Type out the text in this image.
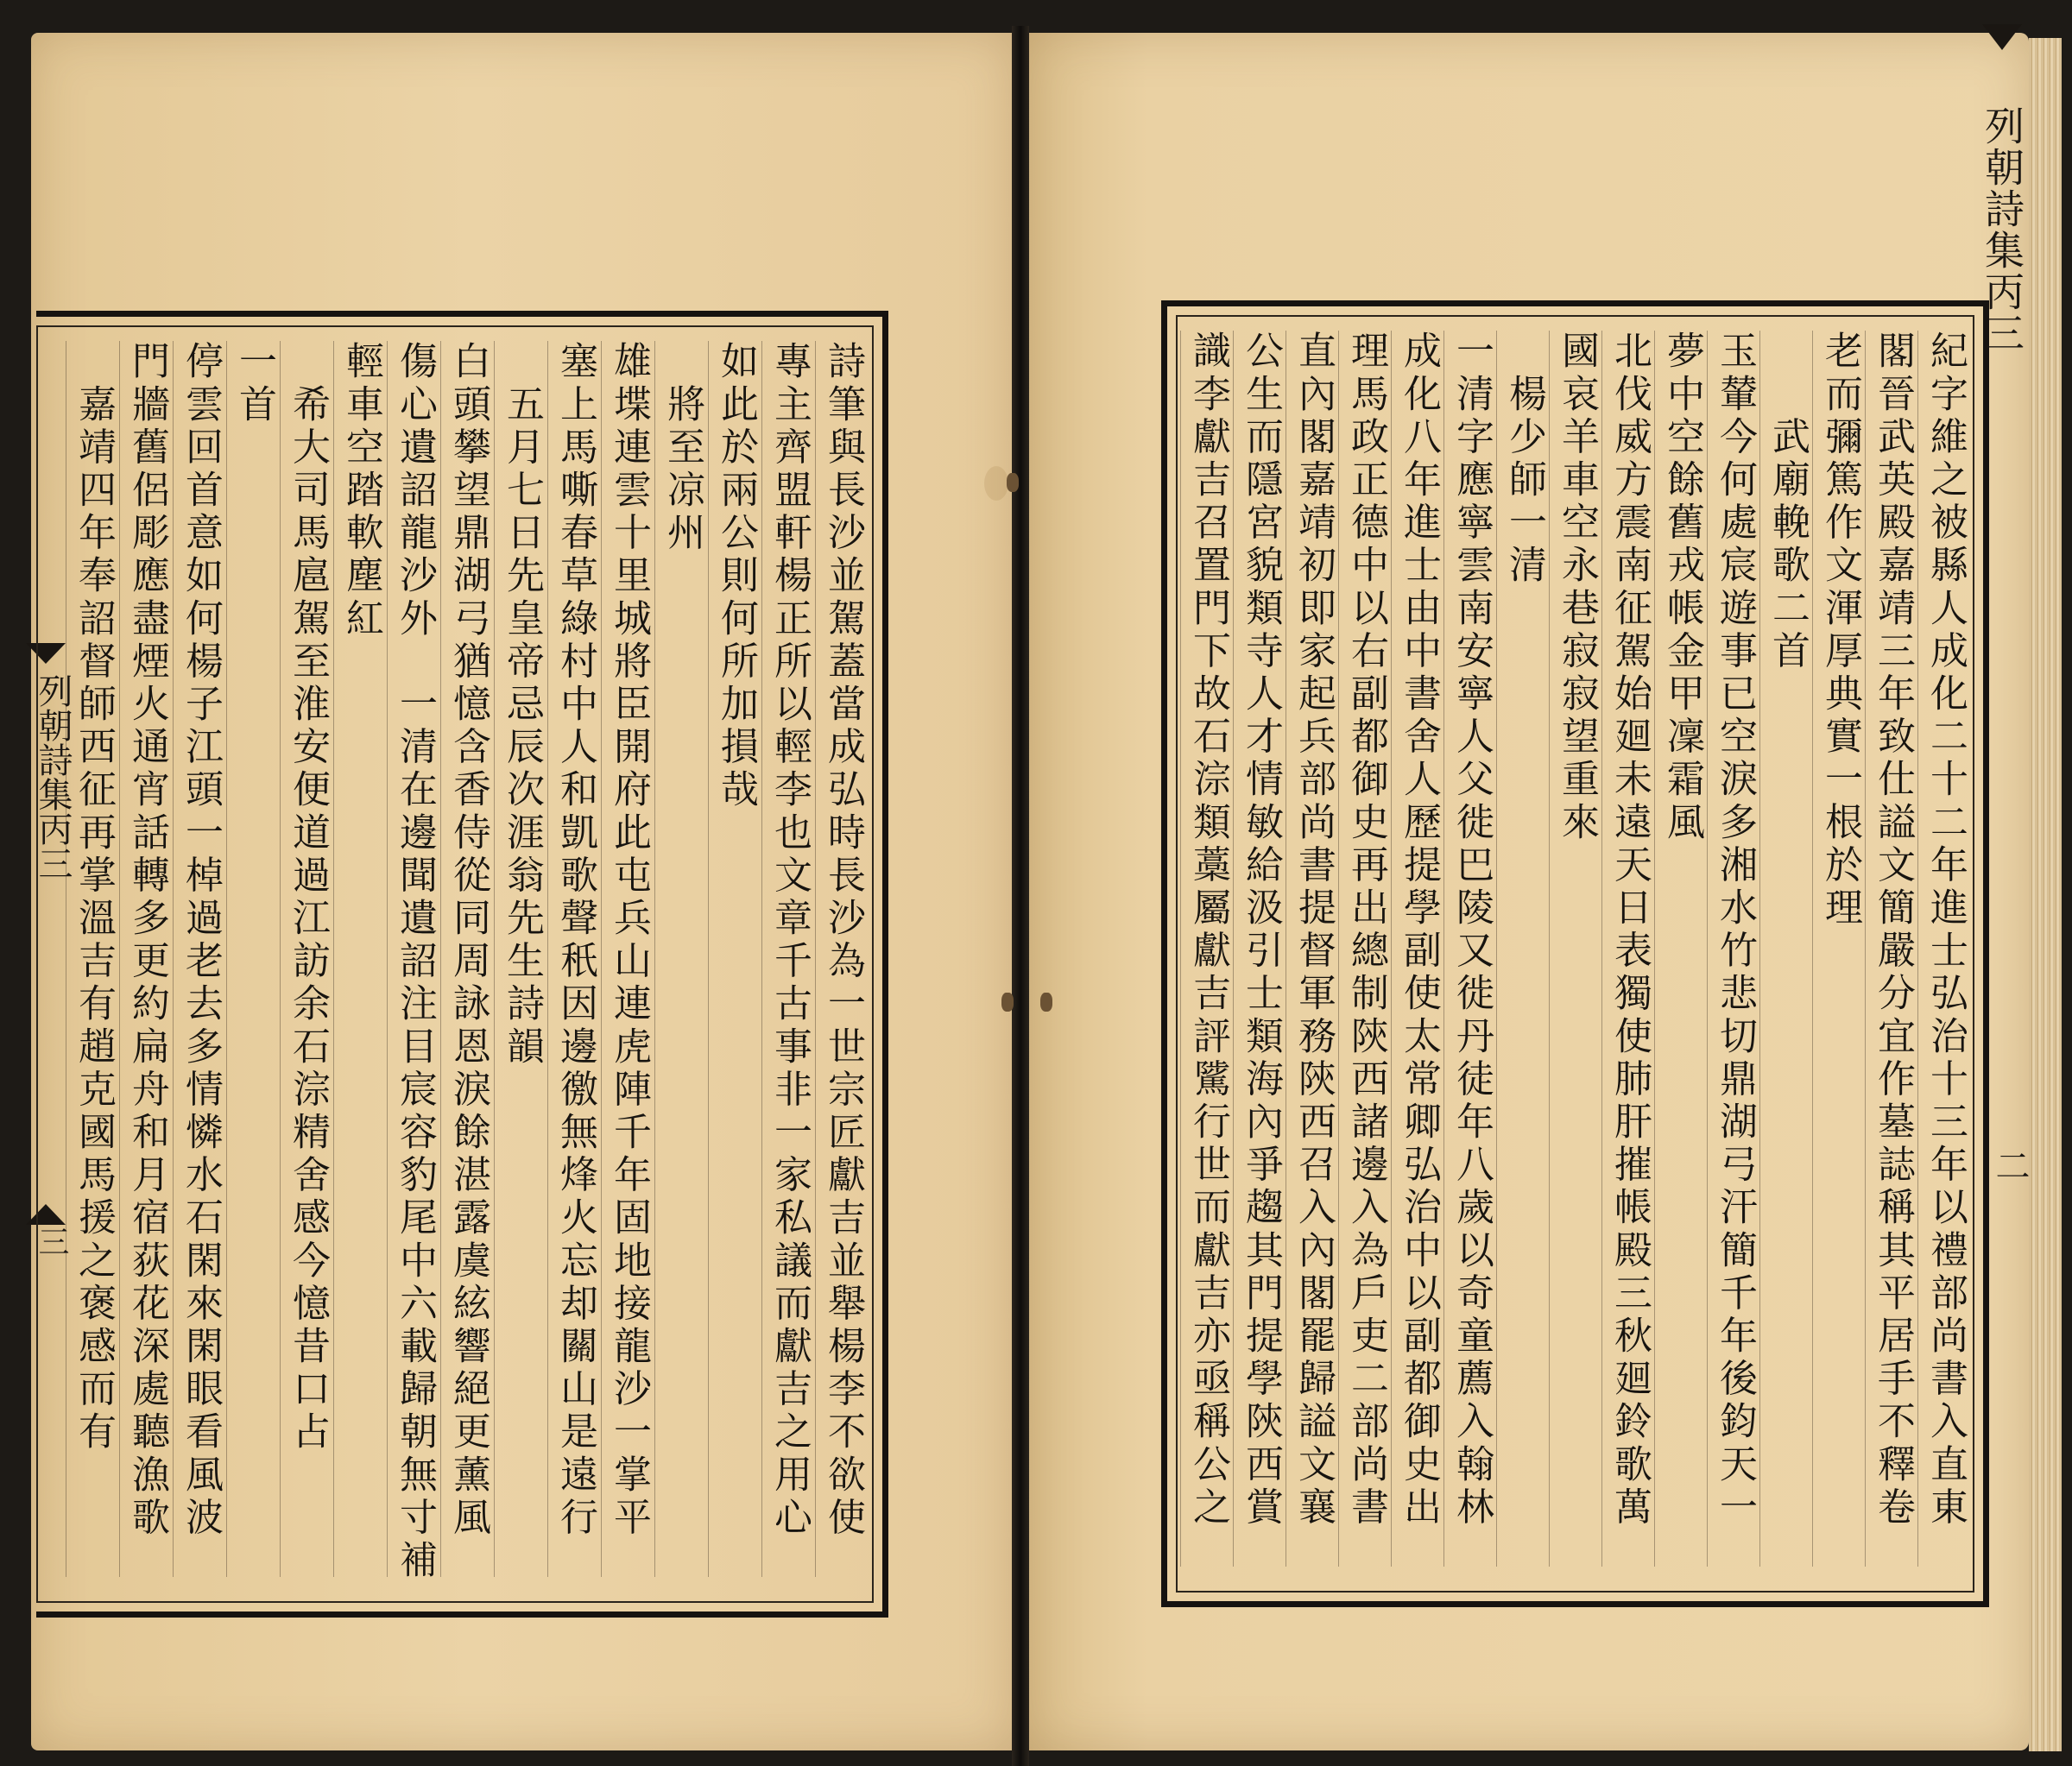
列朝詩集丙三
三
詩筆與長沙並駕蓋當成弘時長沙為一世宗匠獻吉並舉楊李不欲使
專主齊盟軒楊正所以輕李也文章千古事非一家私議而獻吉之用心
如此於兩公則何所加損哉
　將至凉州
雄堞連雲十里城將臣開府此屯兵山連虎陣千年固地接龍沙一掌平
塞上馬嘶春草綠村中人和凱歌聲秖因邊徼無烽火忘却關山是遠行
　五月七日先皇帝忌辰次涯翁先生詩韻
白頭攀望鼎湖弓猶憶含香侍從同周詠恩淚餘湛露虞絃響絕更薰風
傷心遺詔龍沙外　一清在邊聞遺詔注目宸容豹尾中六載歸朝無寸補
輕車空踏軟塵紅
　希大司馬扈駕至淮安便道過江訪余石淙精舍感今憶昔口占
一首
停雲回首意如何楊子江頭一棹過老去多情憐水石閑來閑眼看風波
門牆舊侶彫應盡煙火通宵話轉多更約扁舟和月宿荻花深處聽漁歌
　嘉靖四年奉詔督師西征再掌溫吉有趙克國馬援之褒感而有	紀字維之被縣人成化二十二年進士弘治十三年以禮部尚書入直東
閣晉武英殿嘉靖三年致仕謚文簡嚴分宜作墓誌稱其平居手不釋卷
老而彌篤作文渾厚典實一根於理
　　武廟輓歌二首
玉輦今何處宸遊事已空淚多湘水竹悲切鼎湖弓汗簡千年後鈞天一
夢中空餘舊戎帳金甲凜霜風
北伐威方震南征駕始廻未遠天日表獨使肺肝摧帳殿三秋廻鈴歌萬
國哀羊車空永巷寂寂望重來
　楊少師一清
一清字應寧雲南安寧人父徙巴陵又徙丹徒年八歲以奇童薦入翰林
成化八年進士由中書舍人歷提學副使太常卿弘治中以副都御史出
理馬政正德中以右副都御史再出總制陝西諸邊入為戶吏二部尚書
直內閣嘉靖初即家起兵部尚書提督軍務陝西召入內閣罷歸謚文襄
公生而隱宮貌類寺人才情敏給汲引士類海內爭趨其門提學陝西賞
識李獻吉召置門下故石淙類藁屬獻吉評騭行世而獻吉亦亟稱公之
列朝詩集丙三
二
